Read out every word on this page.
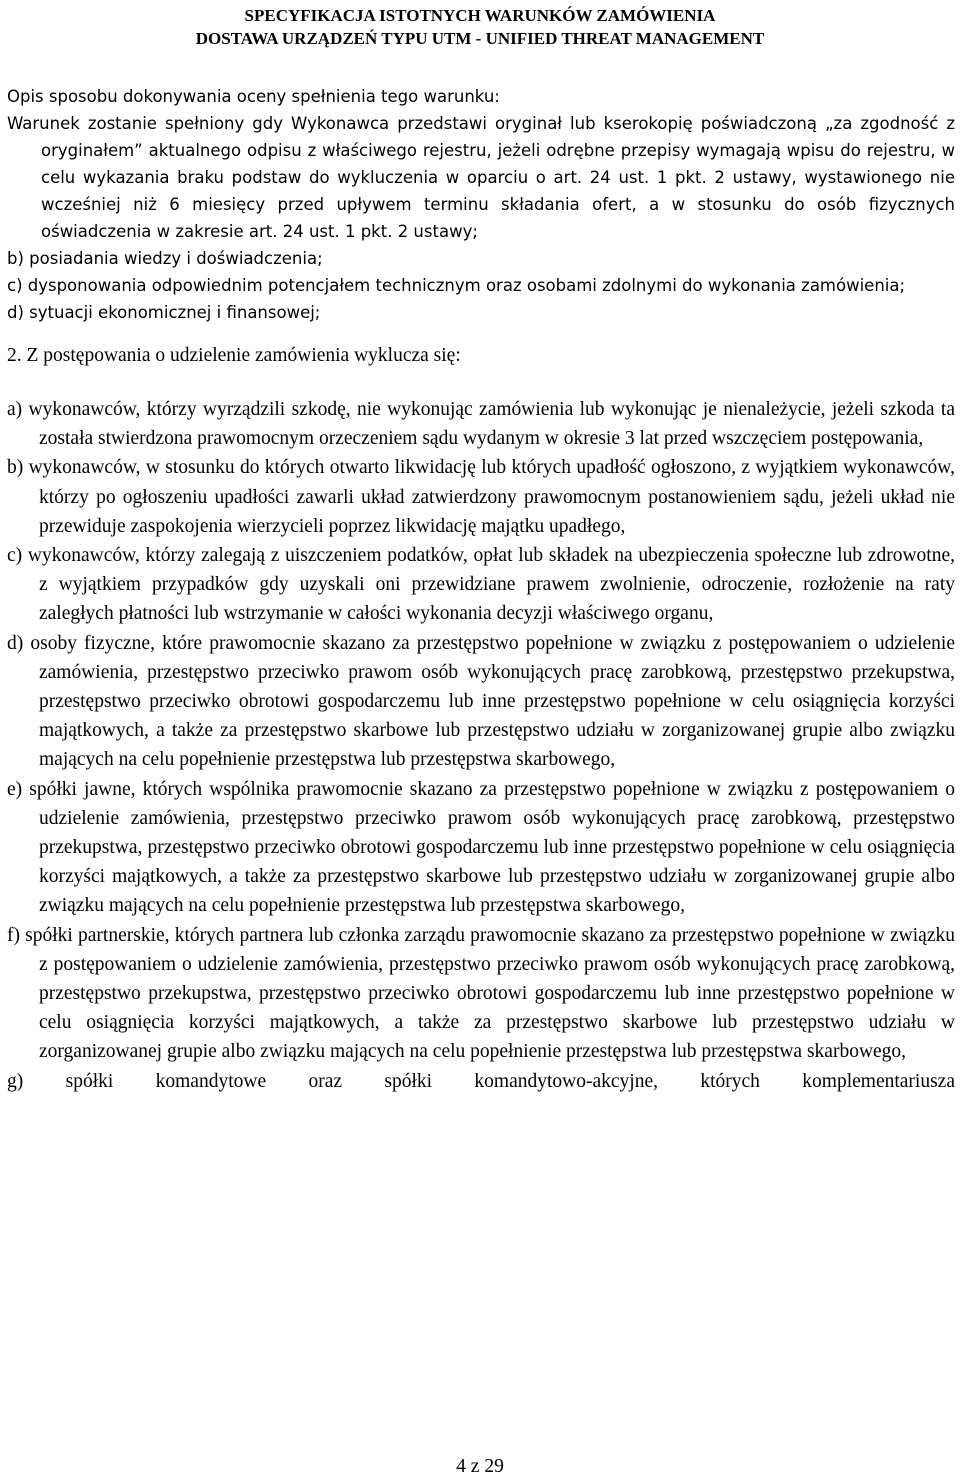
SPECYFIKACJA ISTOTNYCH WARUNKÓW ZAMÓWIENIA
DOSTAWA URZĄDZEŃ TYPU UTM - UNIFIED THREAT MANAGEMENT

Opis sposobu dokonywania oceny spełnienia tego warunku:

Warunek zostanie spełniony gdy Wykonawca przedstawi oryginał lub kserokopię poświadczoną „za zgodność z oryginałem” aktualnego odpisu z właściwego rejestru, jeżeli odrębne przepisy wymagają wpisu do rejestru, w celu wykazania braku podstaw do wykluczenia w oparciu o art. 24 ust. 1 pkt. 2 ustawy, wystawionego nie wcześniej niż 6 miesięcy przed upływem terminu składania ofert, a w stosunku do osób fizycznych oświadczenia w zakresie art. 24 ust. 1 pkt. 2 ustawy;

b) posiadania wiedzy i doświadczenia;

c) dysponowania odpowiednim potencjałem technicznym oraz osobami zdolnymi do wykonania zamówienia;

d) sytuacji ekonomicznej i finansowej;

2. Z postępowania o udzielenie zamówienia wyklucza się:

a) wykonawców, którzy wyrządzili szkodę, nie wykonując zamówienia lub wykonując je nienależycie, jeżeli szkoda ta została stwierdzona prawomocnym orzeczeniem sądu wydanym w okresie 3 lat przed wszczęciem postępowania,

b) wykonawców, w stosunku do których otwarto likwidację lub których upadłość ogłoszono, z wyjątkiem wykonawców, którzy po ogłoszeniu upadłości zawarli układ zatwierdzony prawomocnym postanowieniem sądu, jeżeli układ nie przewiduje zaspokojenia wierzycieli poprzez likwidację majątku upadłego,

c) wykonawców, którzy zalegają z uiszczeniem podatków, opłat lub składek na ubezpieczenia społeczne lub zdrowotne, z wyjątkiem przypadków gdy uzyskali oni przewidziane prawem zwolnienie, odroczenie, rozłożenie na raty zaległych płatności lub wstrzymanie w całości wykonania decyzji właściwego organu,

d) osoby fizyczne, które prawomocnie skazano za przestępstwo popełnione w związku z postępowaniem o udzielenie zamówienia, przestępstwo przeciwko prawom osób wykonujących pracę zarobkową, przestępstwo przekupstwa, przestępstwo przeciwko obrotowi gospodarczemu lub inne przestępstwo popełnione w celu osiągnięcia korzyści majątkowych, a także za przestępstwo skarbowe lub przestępstwo udziału w zorganizowanej grupie albo związku mających na celu popełnienie przestępstwa lub przestępstwa skarbowego,

e) spółki jawne, których wspólnika prawomocnie skazano za przestępstwo popełnione w związku z postępowaniem o udzielenie zamówienia, przestępstwo przeciwko prawom osób wykonujących pracę zarobkową, przestępstwo przekupstwa, przestępstwo przeciwko obrotowi gospodarczemu lub inne przestępstwo popełnione w celu osiągnięcia korzyści majątkowych, a także za przestępstwo skarbowe lub przestępstwo udziału w zorganizowanej grupie albo związku mających na celu popełnienie przestępstwa lub przestępstwa skarbowego,

f) spółki partnerskie, których partnera lub członka zarządu prawomocnie skazano za przestępstwo popełnione w związku z postępowaniem o udzielenie zamówienia, przestępstwo przeciwko prawom osób wykonujących pracę zarobkową, przestępstwo przekupstwa, przestępstwo przeciwko obrotowi gospodarczemu lub inne przestępstwo popełnione w celu osiągnięcia korzyści majątkowych, a także za przestępstwo skarbowe lub przestępstwo udziału w zorganizowanej grupie albo związku mających na celu popełnienie przestępstwa lub przestępstwa skarbowego,

g) spółki komandytowe oraz spółki komandytowo-akcyjne, których komplementariusza

4 z 29
